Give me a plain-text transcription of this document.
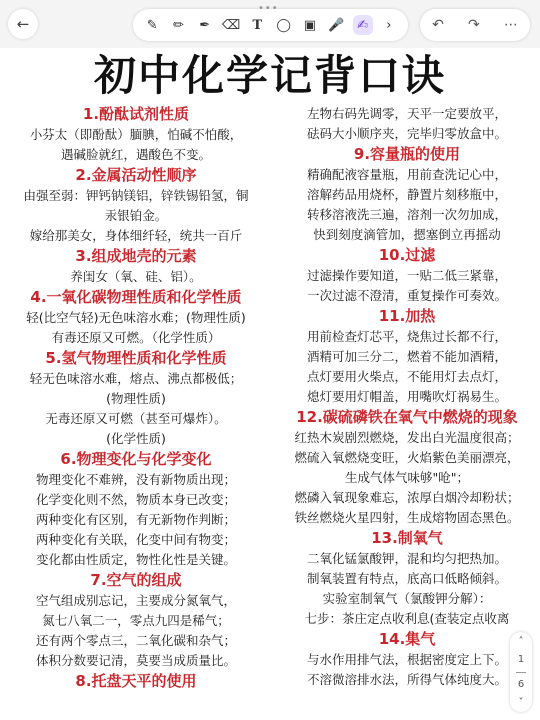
←	✎	✏	✒ ⌫ T	◯ ▣ 🎤 ✍	›	↶ ↷ ⋯
初中化学记背口诀
1.酚酞试剂性质
小芬太（即酚酞）腼腆，怕碱不怕酸，
遇碱脸就红，遇酸色不变。
2.金属活动性顺序
由强至弱：钾钙钠镁铝，锌铁锡铅氢，铜
汞银铂金。
嫁给那美女，身体细纤轻，统共一百斤
3.组成地壳的元素
养闺女（氧、硅、铝）。
4.一氧化碳物理性质和化学性质
轻(比空气轻)无色味溶水难；(物理性质)
有毒还原又可燃。（化学性质）
5.氢气物理性质和化学性质
轻无色味溶水难，熔点、沸点都极低；
(物理性质)
无毒还原又可燃（甚至可爆炸）。
(化学性质)
6.物理变化与化学变化
物理变化不难辨，没有新物质出现；
化学变化则不然，物质本身已改变；
两种变化有区别，有无新物作判断；
两种变化有关联，化变中间有物变；
变化都由性质定，物性化性是关键。
7.空气的组成
空气组成别忘记，主要成分氮氧气，
氮七八氧二一，零点九四是稀气；
还有两个零点三，二氧化碳和杂气；
体积分数要记清，莫要当成质量比。
8.托盘天平的使用
左物右码先调零，天平一定要放平，
砝码大小顺序夹，完毕归零放盒中。
9.容量瓶的使用
精确配液容量瓶，用前查洗记心中，
溶解药品用烧杯，静置片刻移瓶中，
转移溶液洗三遍，溶剂一次勿加成，
快到刻度滴管加，摁塞倒立再摇动
10.过滤
过滤操作要知道，一贴二低三紧靠，
一次过滤不澄清，重复操作可奏效。
11.加热
用前检查灯芯平，烧焦过长都不行，
酒精可加三分二，燃着不能加酒精，
点灯要用火柴点，不能用灯去点灯，
熄灯要用灯帽盖，用嘴吹灯祸易生。
12.碳硫磷铁在氧气中燃烧的现象
红热木炭剧烈燃烧，发出白光温度很高；
燃硫入氧燃烧变旺，火焰紫色美丽漂亮，
生成气体气味够"呛"；
燃磷入氧现象难忘，浓厚白烟冷却粉状；
铁丝燃烧火星四射，生成熔物固态黑色。
13.制氧气
二氧化锰氯酸钾，混和均匀把热加。
制氧装置有特点，底高口低略倾斜。
实验室制氧气（氯酸钾分解）：
七步：茶庄定点收利息(查装定点收离
14.集气
与水作用排气法，根据密度定上下。
不溶微溶排水法，所得气体纯度大。
˄
1
6
˅
